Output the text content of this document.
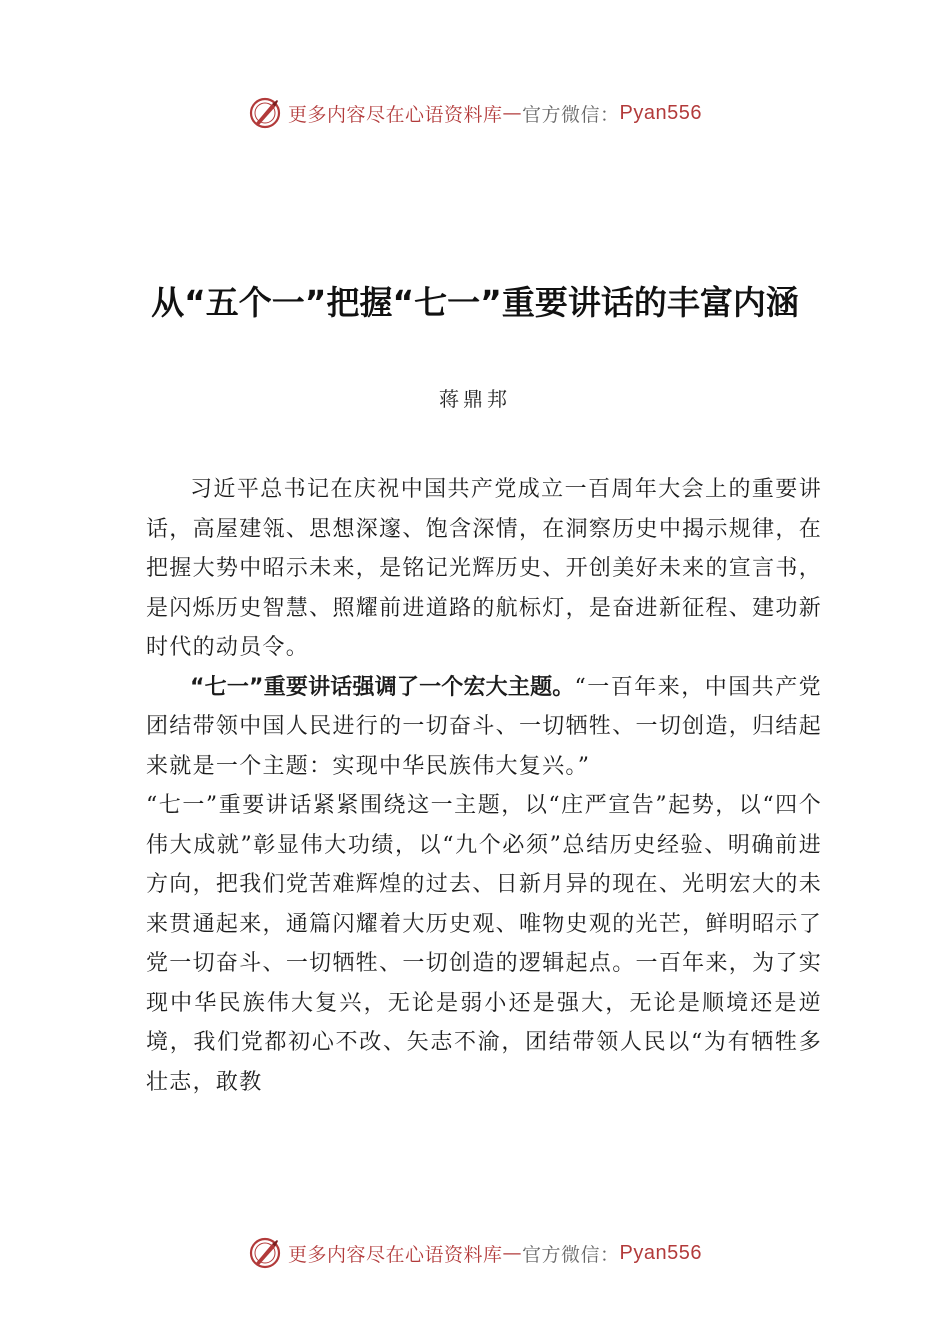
更多内容尽在心语资料库 — 官方微信： Pyan556
从“五个一”把握“七一”重要讲话的丰富内涵
蒋鼎邦

习近平总书记在庆祝中国共产党成立一百周年大会上的重要讲话，高屋建瓴、思想深邃、饱含深情，在洞察历史中揭示规律，在把握大势中昭示未来，是铭记光辉历史、开创美好未来的宣言书，是闪烁历史智慧、照耀前进道路的航标灯，是奋进新征程、建功新时代的动员令。

“七一”重要讲话强调了一个宏大主题。“一百年来，中国共产党团结带领中国人民进行的一切奋斗、一切牺牲、一切创造，归结起来就是一个主题：实现中华民族伟大复兴。”

“七一”重要讲话紧紧围绕这一主题，以“庄严宣告”起势，以“四个伟大成就”彰显伟大功绩，以“九个必须”总结历史经验、明确前进方向，把我们党苦难辉煌的过去、日新月异的现在、光明宏大的未来贯通起来，通篇闪耀着大历史观、唯物史观的光芒，鲜明昭示了党一切奋斗、一切牺牲、一切创造的逻辑起点。一百年来，为了实现中华民族伟大复兴，无论是弱小还是强大，无论是顺境还是逆境，我们党都初心不改、矢志不渝，团结带领人民以“为有牺牲多壮志，敢教

更多内容尽在心语资料库 — 官方微信： Pyan556
